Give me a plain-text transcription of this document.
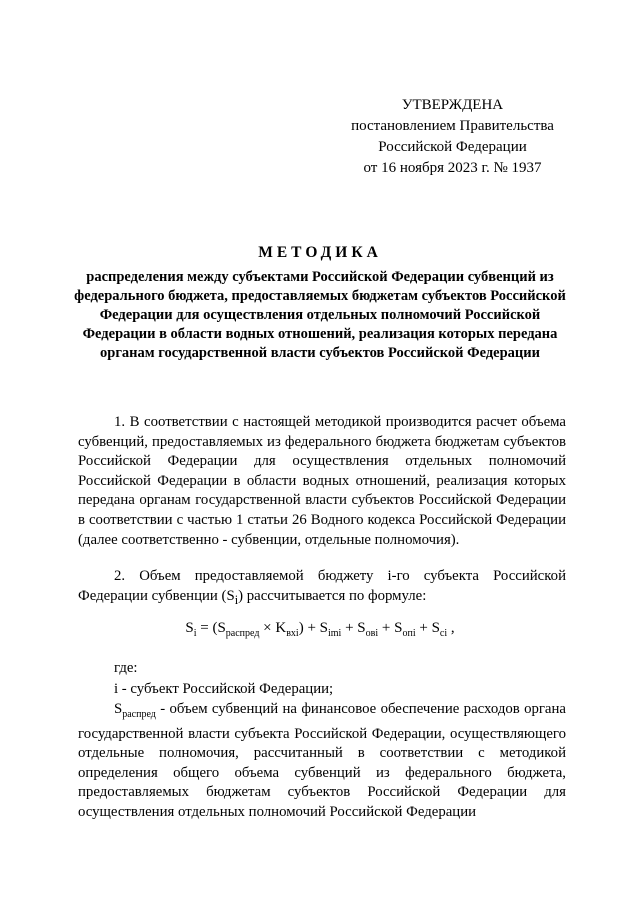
УТВЕРЖДЕНА
постановлением Правительства
Российской Федерации
от 16 ноября 2023 г. № 1937
МЕТОДИКА
распределения между субъектами Российской Федерации субвенций из федерального бюджета, предоставляемых бюджетам субъектов Российской Федерации для осуществления отдельных полномочий Российской Федерации в области водных отношений, реализация которых передана органам государственной власти субъектов Российской Федерации

1. В соответствии с настоящей методикой производится расчет объема субвенций, предоставляемых из федерального бюджета бюджетам субъектов Российской Федерации для осуществления отдельных полномочий Российской Федерации в области водных отношений, реализация которых передана органам государственной власти субъектов Российской Федерации в соответствии с частью 1 статьи 26 Водного кодекса Российской Федерации (далее соответственно - субвенции, отдельные полномочия).

2. Объем предоставляемой бюджету i-го субъекта Российской Федерации субвенции $(S_i)$ рассчитывается по формуле:

$S_i = (S_{распред} \times K_{вхi}) + S_{imi} + S_{овi} + S_{опi} + S_{ci}$ ,
где:
i - субъект Российской Федерации;

$S_{распред}$ - объем субвенций на финансовое обеспечение расходов органа государственной власти субъекта Российской Федерации, осуществляющего отдельные полномочия, рассчитанный в соответствии с методикой определения общего объема субвенций из федерального бюджета, предоставляемых бюджетам субъектов Российской Федерации для осуществления отдельных полномочий Российской Федерации
